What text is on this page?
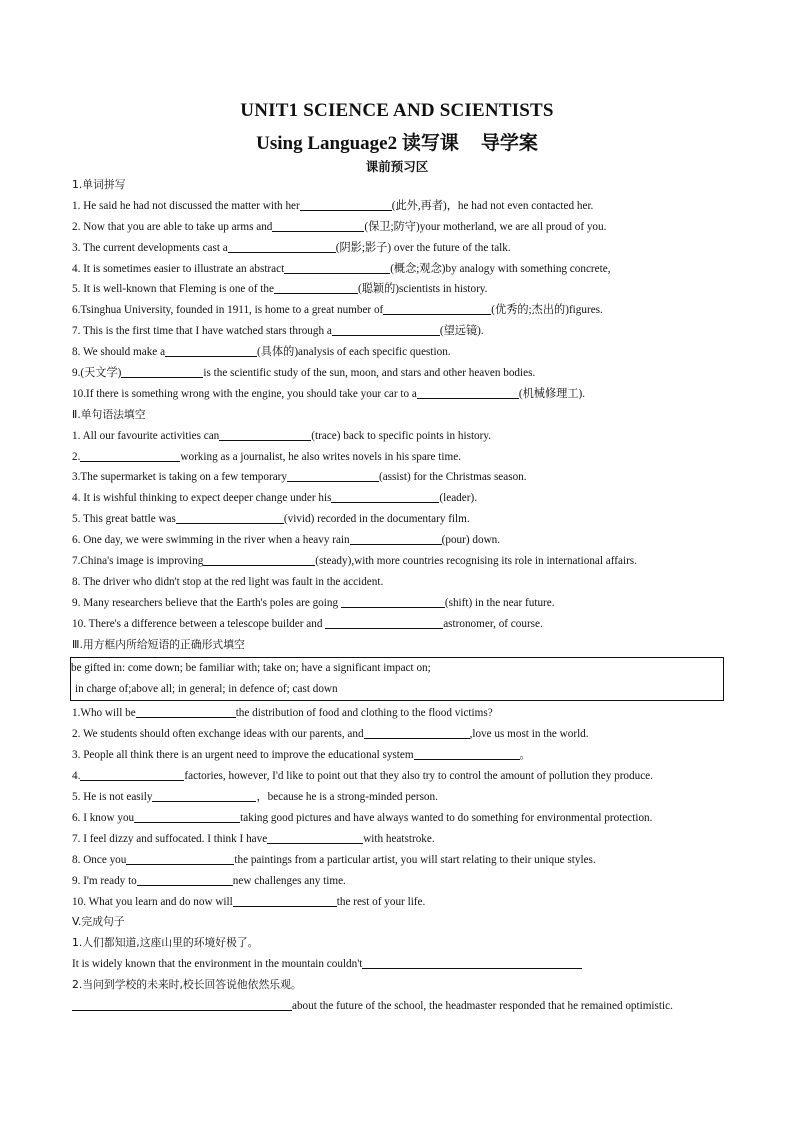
UNIT1 SCIENCE AND SCIENTISTS
Using Language2 读写课 导学案
课前预习区
1.单词拼写
1. He said he had not discussed the matter with her	(此外,再者)，he had not even contacted her.
2. Now that you are able to take up arms and	(保卫;防守)your motherland, we are all proud of you.
3. The current developments cast a	(阴影;影子) over the future of the talk.
4. It is sometimes easier to illustrate an abstract	(概念;观念)by analogy with something concrete,
5. It is well-known that Fleming is one of the	(聪颖的)scientists in history.
6.Tsinghua University, founded in 1911, is home to a great number of	(优秀的;杰出的)figures.
7. This is the first time that I have watched stars through a	(望远镜).
8. We should make a	(具体的)analysis of each specific question.
9.(天文学)	is the scientific study of the sun, moon, and stars and other heaven bodies.
10.If there is something wrong with the engine, you should take your car to a	(机械修理工).
Ⅱ.单句语法填空
1. All our favourite activities can	(trace) back to specific points in history.
2.	working as a journalist, he also writes novels in his spare time.
3.The supermarket is taking on a few temporary	(assist) for the Christmas season.
4. It is wishful thinking to expect deeper change under his	(leader).
5. This great battle was	(vivid) recorded in the documentary film.
6. One day, we were swimming in the river when a heavy rain	(pour) down.
7.China's image is improving	(steady),with more countries recognising its role in international affairs.
8. The driver who didn't stop at the red light was fault in the accident.
9. Many researchers believe that the Earth's poles are going	(shift) in the near future.
10. There's a difference between a telescope builder and	astronomer, of course.
Ⅲ.用方框内所给短语的正确形式填空
be gifted in: come down; be familiar with; take on; have a significant impact on;
in charge of;above all; in general; in defence of; cast down
1.Who will be	the distribution of food and clothing to the flood victims?
2. We students should often exchange ideas with our parents, and	,love us most in the world.
3. People all think there is an urgent need to improve the educational system	。
4.	factories, however, I'd like to point out that they also try to control the amount of pollution they produce.
5. He is not easily	，because he is a strong-minded person.
6. I know you	taking good pictures and have always wanted to do something for environmental protection.
7. I feel dizzy and suffocated. I think I have	with heatstroke.
8. Once you	the paintings from a particular artist, you will start relating to their unique styles.
9. I'm ready to	new challenges any time.
10. What you learn and do now will	the rest of your life.
V.完成句子
1.人们都知道,这座山里的环境好极了。
It is widely known that the environment in the mountain couldn't
2.当问到学校的未来时,校长回答说他依然乐观。
about the future of the school, the headmaster responded that he remained optimistic.
